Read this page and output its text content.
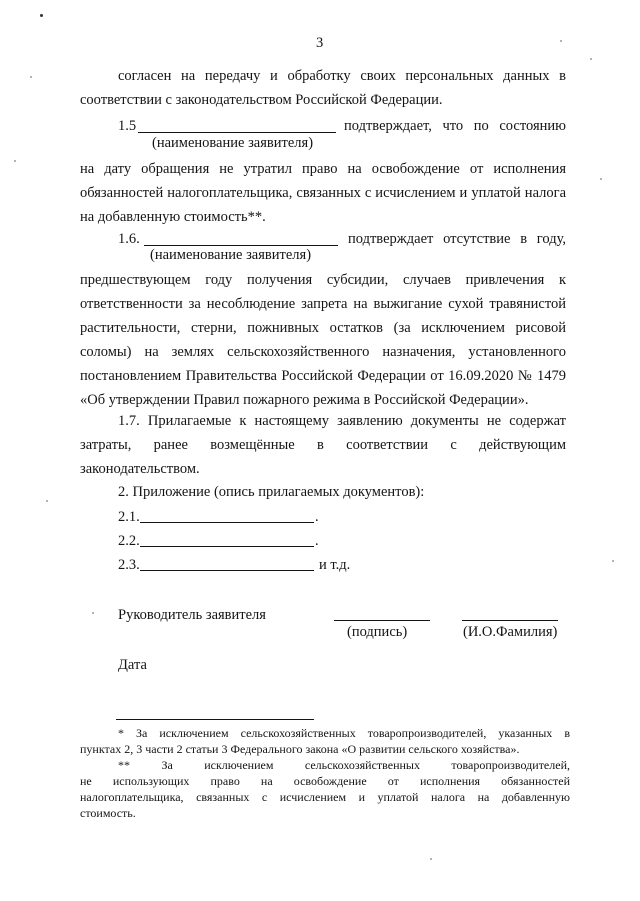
3
согласен на передачу и обработку своих персональных данных в
соответствии с законодательством Российской Федерации.
1.5	подтверждает, что по состоянию
(наименование заявителя)
на дату обращения не утратил право на освобождение от исполнения
обязанностей налогоплательщика, связанных с исчислением и уплатой налога
на добавленную стоимость**.
1.6.	подтверждает отсутствие в году,
(наименование заявителя)
предшествующем году получения субсидии, случаев привлечения к
ответственности за несоблюдение запрета на выжигание сухой травянистой
растительности, стерни, пожнивных остатков (за исключением рисовой
соломы) на землях сельскохозяйственного назначения, установленного
постановлением Правительства Российской Федерации от 16.09.2020 № 1479
«Об утверждении Правил пожарного режима в Российской Федерации».
1.7. Прилагаемые к настоящему заявлению документы не содержат
затраты, ранее возмещённые в соответствии с действующим
законодательством.
2. Приложение (опись прилагаемых документов):
2.1.	.
2.2.	.
2.3.	и т.д.
Руководитель заявителя
(подпись)	(И.О.Фамилия)
Дата
* За исключением сельскохозяйственных товаропроизводителей, указанных в
пунктах 2, 3 части 2 статьи 3 Федерального закона «О развитии сельского хозяйства».
** За исключением сельскохозяйственных товаропроизводителей,
не использующих право на освобождение от исполнения обязанностей
налогоплательщика, связанных с исчислением и уплатой налога на добавленную
стоимость.
